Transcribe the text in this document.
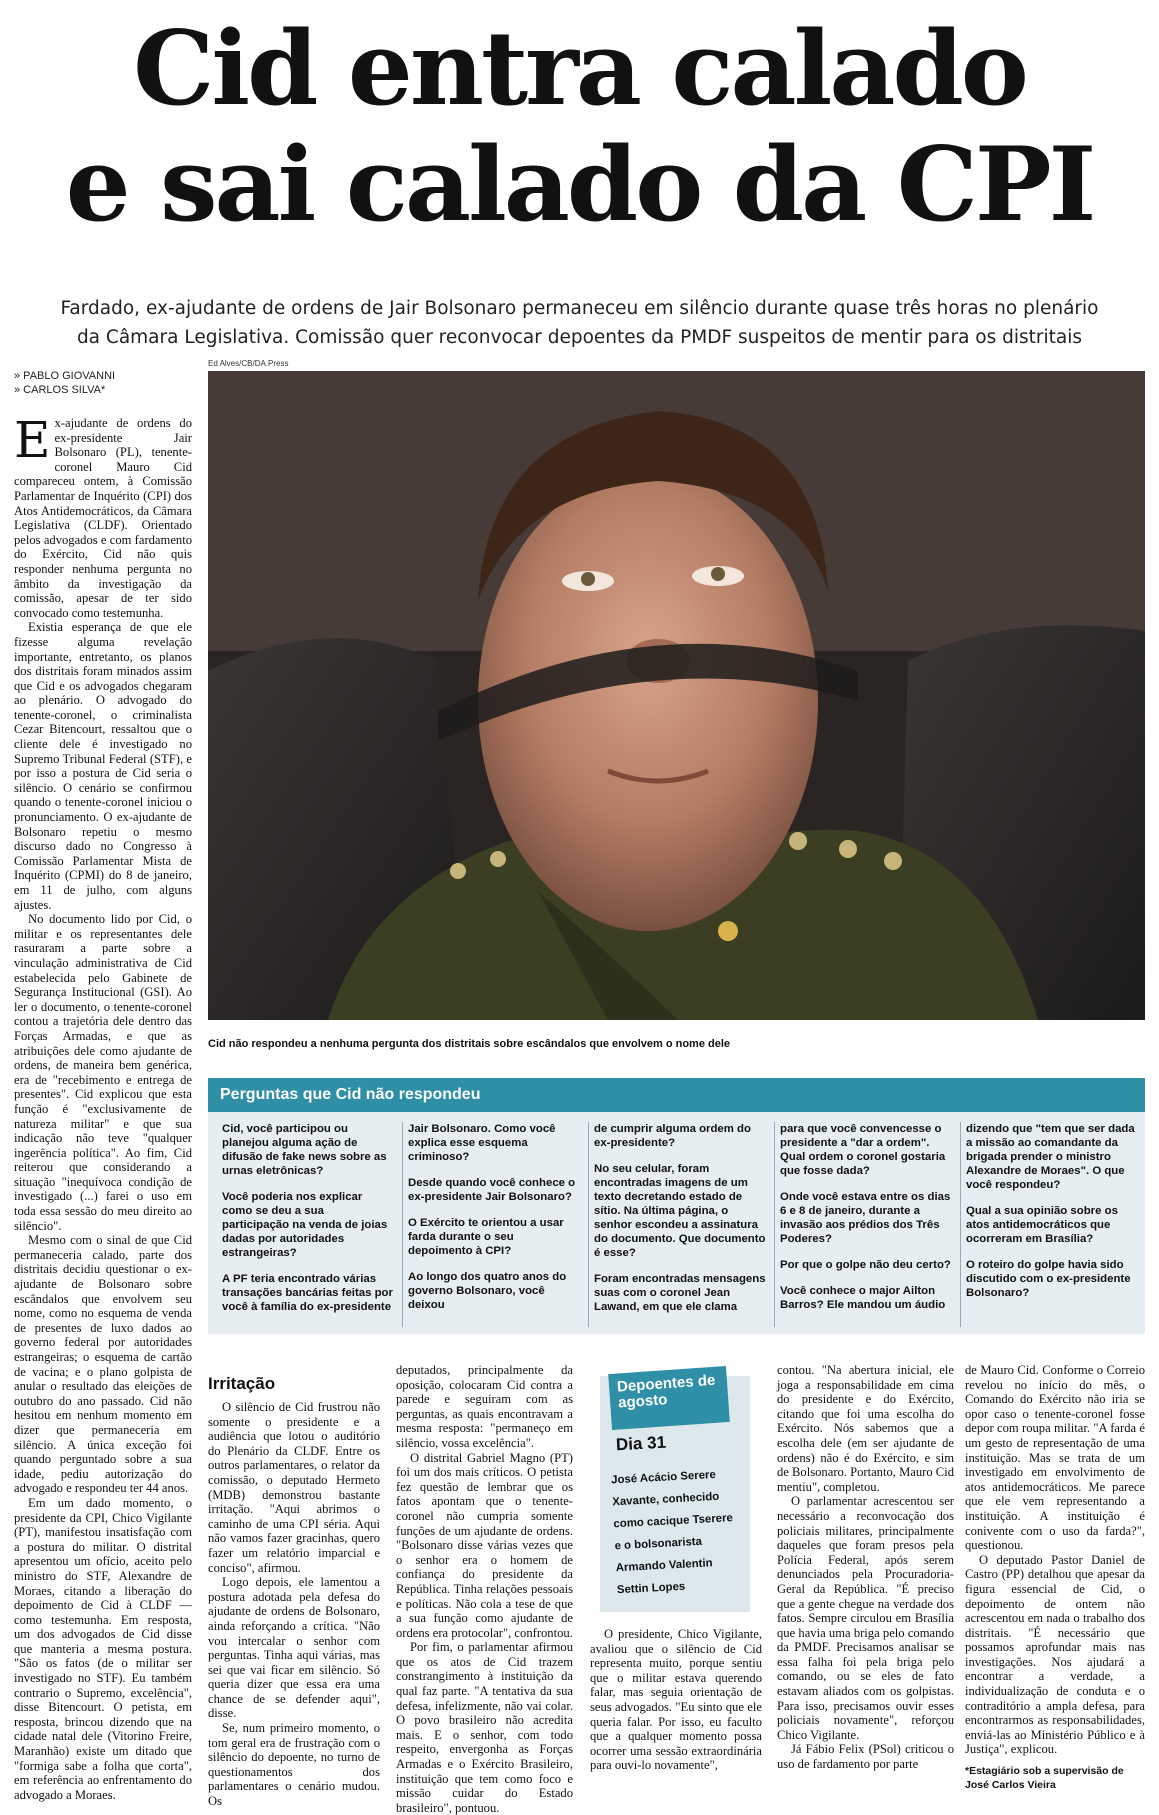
Cid entra calado
e sai calado da CPI
Fardado, ex-ajudante de ordens de Jair Bolsonaro permaneceu em silêncio durante quase três horas no plenário
da Câmara Legislativa. Comissão quer reconvocar depoentes da PMDF suspeitos de mentir para os distritais
» PABLO GIOVANNI
» CARLOS SILVA*
Ed Alves/CB/DA.Press
Cid não respondeu a nenhuma pergunta dos distritais sobre escândalos que envolvem o nome dele

Ex-ajudante de ordens do ex-presidente Jair Bolsonaro (PL), tenente-coronel Mauro Cid compareceu ontem, à Comissão Parlamentar de Inquérito (CPI) dos Atos Antidemocráticos, da Câmara Legislativa (CLDF). Orientado pelos advogados e com fardamento do Exército, Cid não quis responder nenhuma pergunta no âmbito da investigação da comissão, apesar de ter sido convocado como testemunha.

Existia esperança de que ele fizesse alguma revelação importante, entretanto, os planos dos distritais foram minados assim que Cid e os advogados chegaram ao plenário. O advogado do tenente-coronel, o criminalista Cezar Bitencourt, ressaltou que o cliente dele é investigado no Supremo Tribunal Federal (STF), e por isso a postura de Cid seria o silêncio. O cenário se confirmou quando o tenente-coronel iniciou o pronunciamento. O ex-ajudante de Bolsonaro repetiu o mesmo discurso dado no Congresso à Comissão Parlamentar Mista de Inquérito (CPMI) do 8 de janeiro, em 11 de julho, com alguns ajustes.

No documento lido por Cid, o militar e os representantes dele rasuraram a parte sobre a vinculação administrativa de Cid estabelecida pelo Gabinete de Segurança Institucional (GSI). Ao ler o documento, o tenente-coronel contou a trajetória dele dentro das Forças Armadas, e que as atribuições dele como ajudante de ordens, de maneira bem genérica, era de "recebimento e entrega de presentes". Cid explicou que esta função é "exclusivamente de natureza militar" e que sua indicação não teve "qualquer ingerência política". Ao fim, Cid reiterou que considerando a situação "inequívoca condição de investigado (...) farei o uso em toda essa sessão do meu direito ao silêncio".

Mesmo com o sinal de que Cid permaneceria calado, parte dos distritais decidiu questionar o ex-ajudante de Bolsonaro sobre escândalos que envolvem seu nome, como no esquema de venda de presentes de luxo dados ao governo federal por autoridades estrangeiras; o esquema de cartão de vacina; e o plano golpista de anular o resultado das eleições de outubro do ano passado. Cid não hesitou em nenhum momento em dizer que permaneceria em silêncio. A única exceção foi quando perguntado sobre a sua idade, pediu autorização do advogado e respondeu ter 44 anos.

Em um dado momento, o presidente da CPI, Chico Vigilante (PT), manifestou insatisfação com a postura do militar. O distrital apresentou um ofício, aceito pelo ministro do STF, Alexandre de Moraes, citando a liberação do depoimento de Cid à CLDF — como testemunha. Em resposta, um dos advogados de Cid disse que manteria a mesma postura. "São os fatos (de o militar ser investigado no STF). Eu também contrario o Supremo, excelência", disse Bitencourt. O petista, em resposta, brincou dizendo que na cidade natal dele (Vitorino Freire, Maranhão) existe um ditado que "formiga sabe a folha que corta", em referência ao enfrentamento do advogado a Moraes.

Perguntas que Cid não respondeu

Cid, você participou ou planejou alguma ação de difusão de fake news sobre as urnas eletrônicas?

Você poderia nos explicar como se deu a sua participação na venda de joias dadas por autoridades estrangeiras?

A PF teria encontrado várias transações bancárias feitas por você à família do ex-presidente

Jair Bolsonaro. Como você explica esse esquema criminoso?

Desde quando você conhece o ex-presidente Jair Bolsonaro?

O Exército te orientou a usar farda durante o seu depoimento à CPI?

Ao longo dos quatro anos do governo Bolsonaro, você deixou

de cumprir alguma ordem do ex-presidente?

No seu celular, foram encontradas imagens de um texto decretando estado de sítio. Na última página, o senhor escondeu a assinatura do documento. Que documento é esse?

Foram encontradas mensagens suas com o coronel Jean Lawand, em que ele clama

para que você convencesse o presidente a "dar a ordem". Qual ordem o coronel gostaria que fosse dada?

Onde você estava entre os dias 6 e 8 de janeiro, durante a invasão aos prédios dos Três Poderes?

Por que o golpe não deu certo?

Você conhece o major Ailton Barros? Ele mandou um áudio

dizendo que "tem que ser dada a missão ao comandante da brigada prender o ministro Alexandre de Moraes". O que você respondeu?

Qual a sua opinião sobre os atos antidemocráticos que ocorreram em Brasília?

O roteiro do golpe havia sido discutido com o ex-presidente Bolsonaro?

Irritação

O silêncio de Cid frustrou não somente o presidente e a audiência que lotou o auditório do Plenário da CLDF. Entre os outros parlamentares, o relator da comissão, o deputado Hermeto (MDB) demonstrou bastante irritação. "Aqui abrimos o caminho de uma CPI séria. Aqui não vamos fazer gracinhas, quero fazer um relatório imparcial e conciso", afirmou.

Logo depois, ele lamentou a postura adotada pela defesa do ajudante de ordens de Bolsonaro, ainda reforçando a crítica. "Não vou intercalar o senhor com perguntas. Tinha aqui várias, mas sei que vai ficar em silêncio. Só queria dizer que essa era uma chance de se defender aqui", disse.

Se, num primeiro momento, o tom geral era de frustração com o silêncio do depoente, no turno de questionamentos dos parlamentares o cenário mudou. Os

deputados, principalmente da oposição, colocaram Cid contra a parede e seguiram com as perguntas, as quais encontravam a mesma resposta: "permaneço em silêncio, vossa excelência".

O distrital Gabriel Magno (PT) foi um dos mais críticos. O petista fez questão de lembrar que os fatos apontam que o tenente-coronel não cumpria somente funções de um ajudante de ordens. "Bolsonaro disse várias vezes que o senhor era o homem de confiança do presidente da República. Tinha relações pessoais e políticas. Não cola a tese de que a sua função como ajudante de ordens era protocolar", confrontou.

Por fim, o parlamentar afirmou que os atos de Cid trazem constrangimento à instituição da qual faz parte. "A tentativa da sua defesa, infelizmente, não vai colar. O povo brasileiro não acredita mais. E o senhor, com todo respeito, envergonha as Forças Armadas e o Exército Brasileiro, instituição que tem como foco e missão cuidar do Estado brasileiro", pontuou.

Depoentes de agosto
Dia 31
José Acácio Serere
Xavante, conhecido
como cacique Tserere
e o bolsonarista
Armando Valentin
Settin Lopes

O presidente, Chico Vigilante, avaliou que o silêncio de Cid representa muito, porque sentiu que o militar estava querendo falar, mas seguia orientação de seus advogados. "Eu sinto que ele queria falar. Por isso, eu faculto que a qualquer momento possa ocorrer uma sessão extraordinária para ouvi-lo novamente",

contou. "Na abertura inicial, ele joga a responsabilidade em cima do presidente e do Exército, citando que foi uma escolha do Exército. Nós sabemos que a escolha dele (em ser ajudante de ordens) não é do Exército, e sim de Bolsonaro. Portanto, Mauro Cid mentiu", completou.

O parlamentar acrescentou ser necessário a reconvocação dos policiais militares, principalmente daqueles que foram presos pela Polícia Federal, após serem denunciados pela Procuradoria-Geral da República. "É preciso que a gente chegue na verdade dos fatos. Sempre circulou em Brasília que havia uma briga pelo comando da PMDF. Precisamos analisar se essa falha foi pela briga pelo comando, ou se eles de fato estavam aliados com os golpistas. Para isso, precisamos ouvir esses policiais novamente", reforçou Chico Vigilante.

Já Fábio Felix (PSol) criticou o uso de fardamento por parte

de Mauro Cid. Conforme o Correio revelou no início do mês, o Comando do Exército não iria se opor caso o tenente-coronel fosse depor com roupa militar. "A farda é um gesto de representação de uma instituição. Mas se trata de um investigado em envolvimento de atos antidemocráticos. Me parece que ele vem representando a instituição. A instituição é conivente com o uso da farda?", questionou.

O deputado Pastor Daniel de Castro (PP) detalhou que apesar da figura essencial de Cid, o depoimento de ontem não acrescentou em nada o trabalho dos distritais. "É necessário que possamos aprofundar mais nas investigações. Nos ajudará a encontrar a verdade, a individualização de conduta e o contraditório a ampla defesa, para encontrarmos as responsabilidades, enviá-las ao Ministério Público e à Justiça", explicou.

*Estagiário sob a supervisão de
José Carlos Vieira
